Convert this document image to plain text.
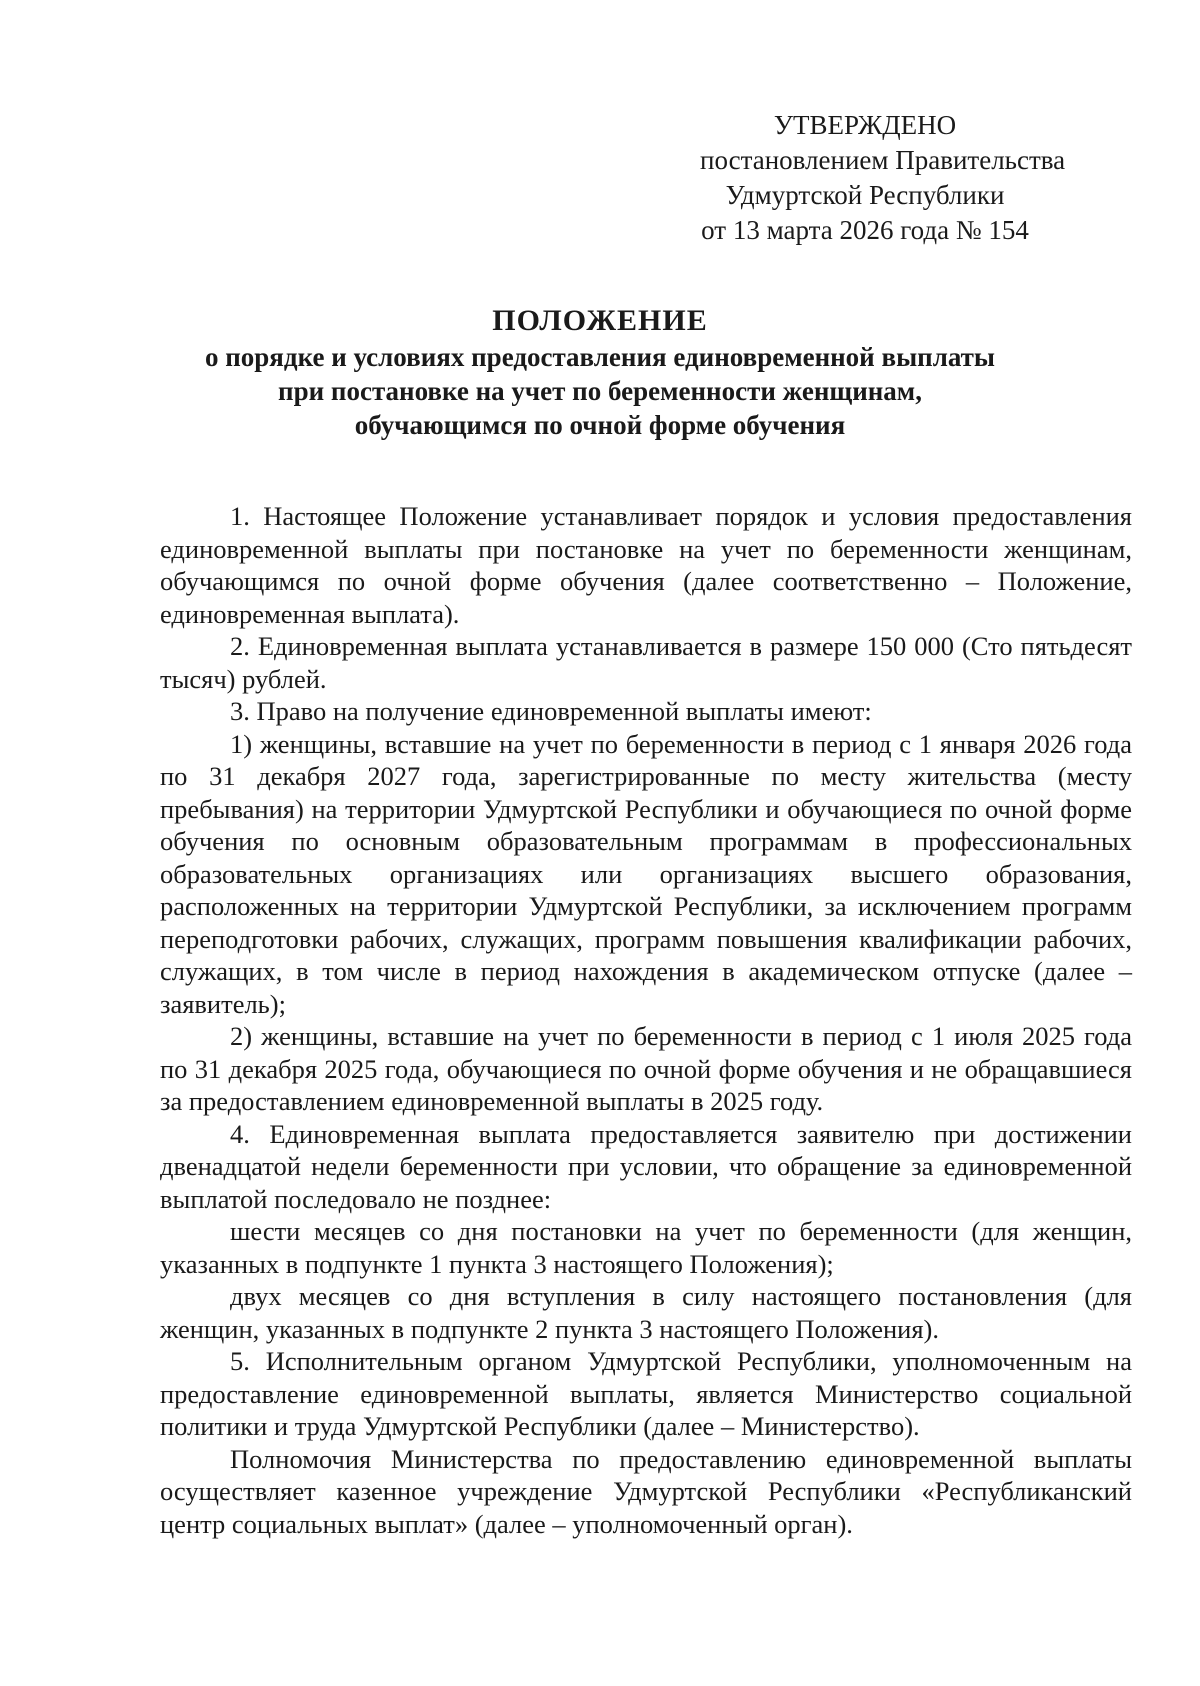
УТВЕРЖДЕНО
постановлением Правительства
Удмуртской Республики
от 13 марта 2026 года № 154
ПОЛОЖЕНИЕ
о порядке и условиях предоставления единовременной выплаты
при постановке на учет по беременности женщинам,
обучающимся по очной форме обучения

1. Настоящее Положение устанавливает порядок и условия предоставления единовременной выплаты при постановке на учет по беременности женщинам, обучающимся по очной форме обучения (далее соответственно – Положение, единовременная выплата).

2. Единовременная выплата устанавливается в размере 150 000 (Сто пятьдесят тысяч) рублей.

3. Право на получение единовременной выплаты имеют:

1) женщины, вставшие на учет по беременности в период с 1 января 2026 года по 31 декабря 2027 года, зарегистрированные по месту жительства (месту пребывания) на территории Удмуртской Республики и обучающиеся по очной форме обучения по основным образовательным программам в профессиональных образовательных организациях или организациях высшего образования, расположенных на территории Удмуртской Республики, за исключением программ переподготовки рабочих, служащих, программ повышения квалификации рабочих, служащих, в том числе в период нахождения в академическом отпуске (далее – заявитель);

2) женщины, вставшие на учет по беременности в период с 1 июля 2025 года по 31 декабря 2025 года, обучающиеся по очной форме обучения и не обращавшиеся за предоставлением единовременной выплаты в 2025 году.

4. Единовременная выплата предоставляется заявителю при достижении двенадцатой недели беременности при условии, что обращение за единовременной выплатой последовало не позднее:

шести месяцев со дня постановки на учет по беременности (для женщин, указанных в подпункте 1 пункта 3 настоящего Положения);

двух месяцев со дня вступления в силу настоящего постановления (для женщин, указанных в подпункте 2 пункта 3 настоящего Положения).

5. Исполнительным органом Удмуртской Республики, уполномоченным на предоставление единовременной выплаты, является Министерство социальной политики и труда Удмуртской Республики (далее – Министерство).

Полномочия Министерства по предоставлению единовременной выплаты осуществляет казенное учреждение Удмуртской Республики «Республиканский центр социальных выплат» (далее – уполномоченный орган).
